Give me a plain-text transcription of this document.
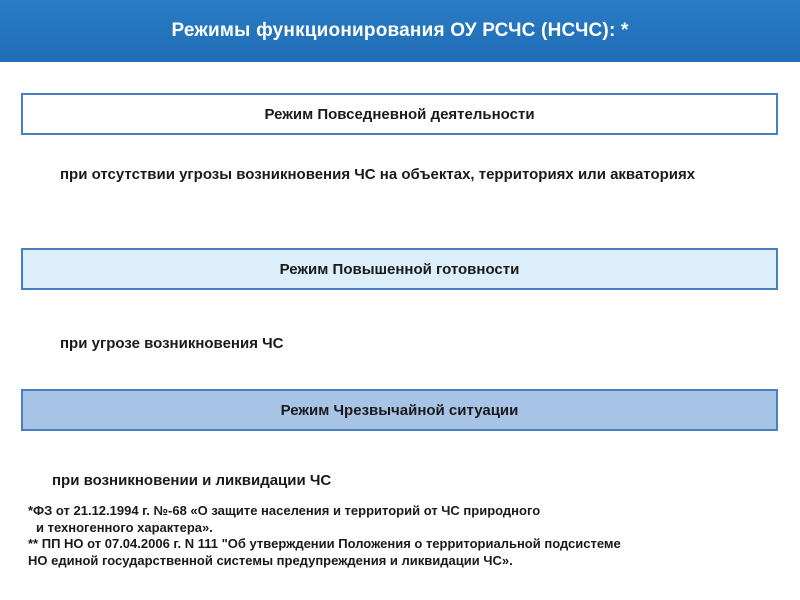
Режимы функционирования ОУ РСЧС (НСЧС): *
Режим Повседневной деятельности
при отсутствии угрозы возникновения ЧС на объектах, территориях или акваториях
Режим Повышенной готовности
при угрозе возникновения ЧС
Режим Чрезвычайной ситуации
при возникновении и ликвидации ЧС
*ФЗ от 21.12.1994 г. №-68 «О защите населения и территорий от ЧС природного
и техногенного характера».
** ПП НО от 07.04.2006 г. N 111 "Об утверждении Положения о территориальной подсистеме
НО единой государственной системы предупреждения и ликвидации ЧС».
